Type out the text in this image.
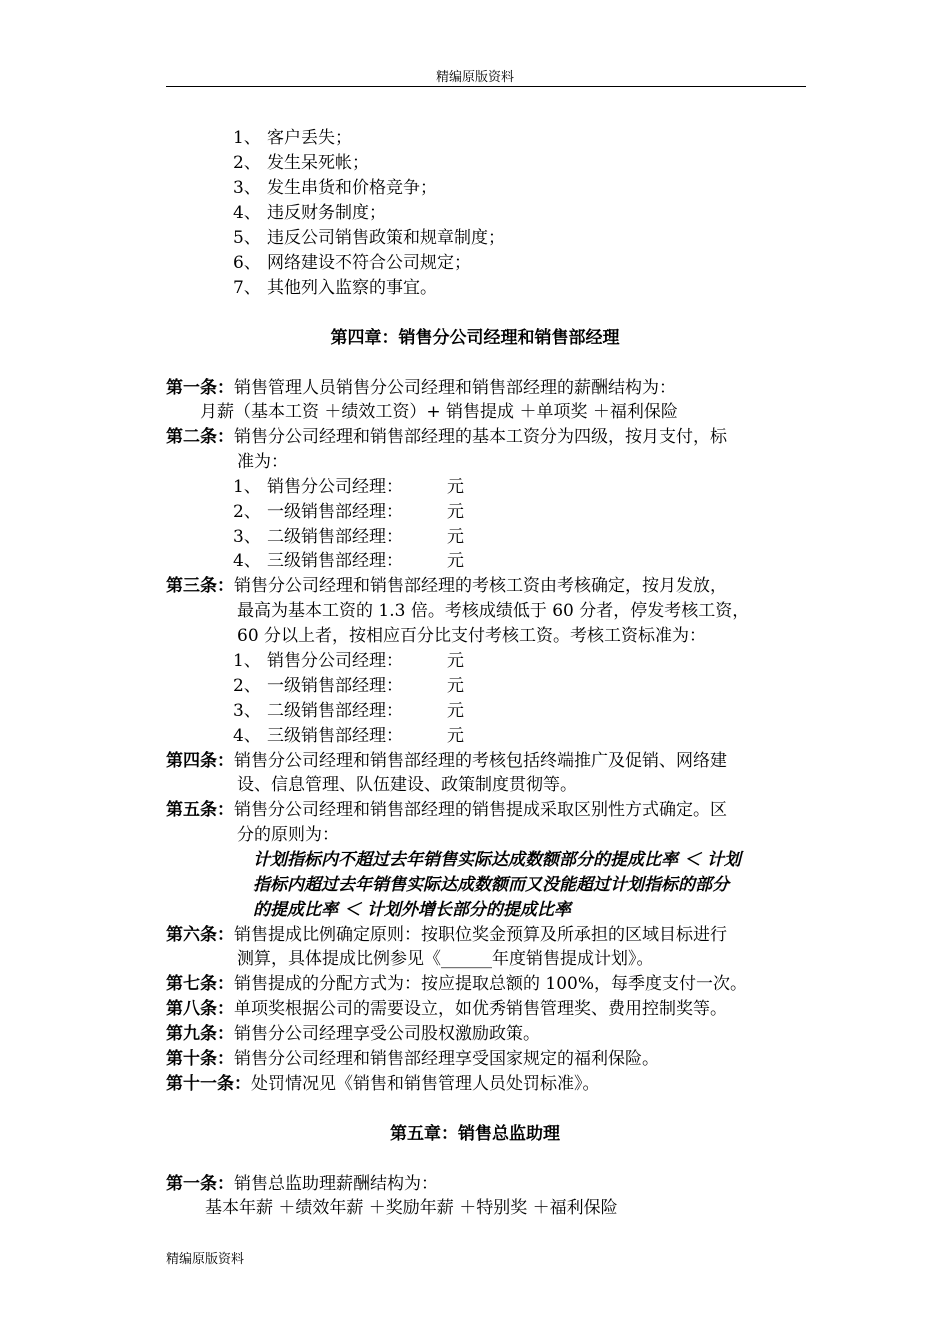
精编原版资料
1、 客户丢失；
2、 发生呆死帐；
3、 发生串货和价格竞争；
4、 违反财务制度；
5、 违反公司销售政策和规章制度；
6、 网络建设不符合公司规定；
7、 其他列入监察的事宜。
第四章：销售分公司经理和销售部经理
第一条：销售管理人员销售分公司经理和销售部经理的薪酬结构为：
月薪（基本工资 ＋绩效工资）+ 销售提成 ＋单项奖 ＋福利保险
第二条：销售分公司经理和销售部经理的基本工资分为四级，按月支付，标
准为：
1、 销售分公司经理：	元
2、 一级销售部经理：	元
3、 二级销售部经理：	元
4、 三级销售部经理：	元
第三条：销售分公司经理和销售部经理的考核工资由考核确定，按月发放，
最高为基本工资的 1.3 倍。考核成绩低于 60 分者，停发考核工资，
60 分以上者，按相应百分比支付考核工资。考核工资标准为：
1、 销售分公司经理：	元
2、 一级销售部经理：	元
3、 二级销售部经理：	元
4、 三级销售部经理：	元
第四条：销售分公司经理和销售部经理的考核包括终端推广及促销、网络建
设、信息管理、队伍建设、政策制度贯彻等。
第五条：销售分公司经理和销售部经理的销售提成采取区别性方式确定。区
分的原则为：
计划指标内不超过去年销售实际达成数额部分的提成比率 ＜ 计划
指标内超过去年销售实际达成数额而又没能超过计划指标的部分
的提成比率 ＜ 计划外增长部分的提成比率
第六条：销售提成比例确定原则：按职位奖金预算及所承担的区域目标进行
测算，具体提成比例参见《______年度销售提成计划》。
第七条：销售提成的分配方式为：按应提取总额的 100%，每季度支付一次。
第八条：单项奖根据公司的需要设立，如优秀销售管理奖、费用控制奖等。
第九条：销售分公司经理享受公司股权激励政策。
第十条：销售分公司经理和销售部经理享受国家规定的福利保险。
第十一条：处罚情况见《销售和销售管理人员处罚标准》。
第五章：销售总监助理
第一条：销售总监助理薪酬结构为：
基本年薪 ＋绩效年薪 ＋奖励年薪 ＋特别奖 ＋福利保险
精编原版资料
